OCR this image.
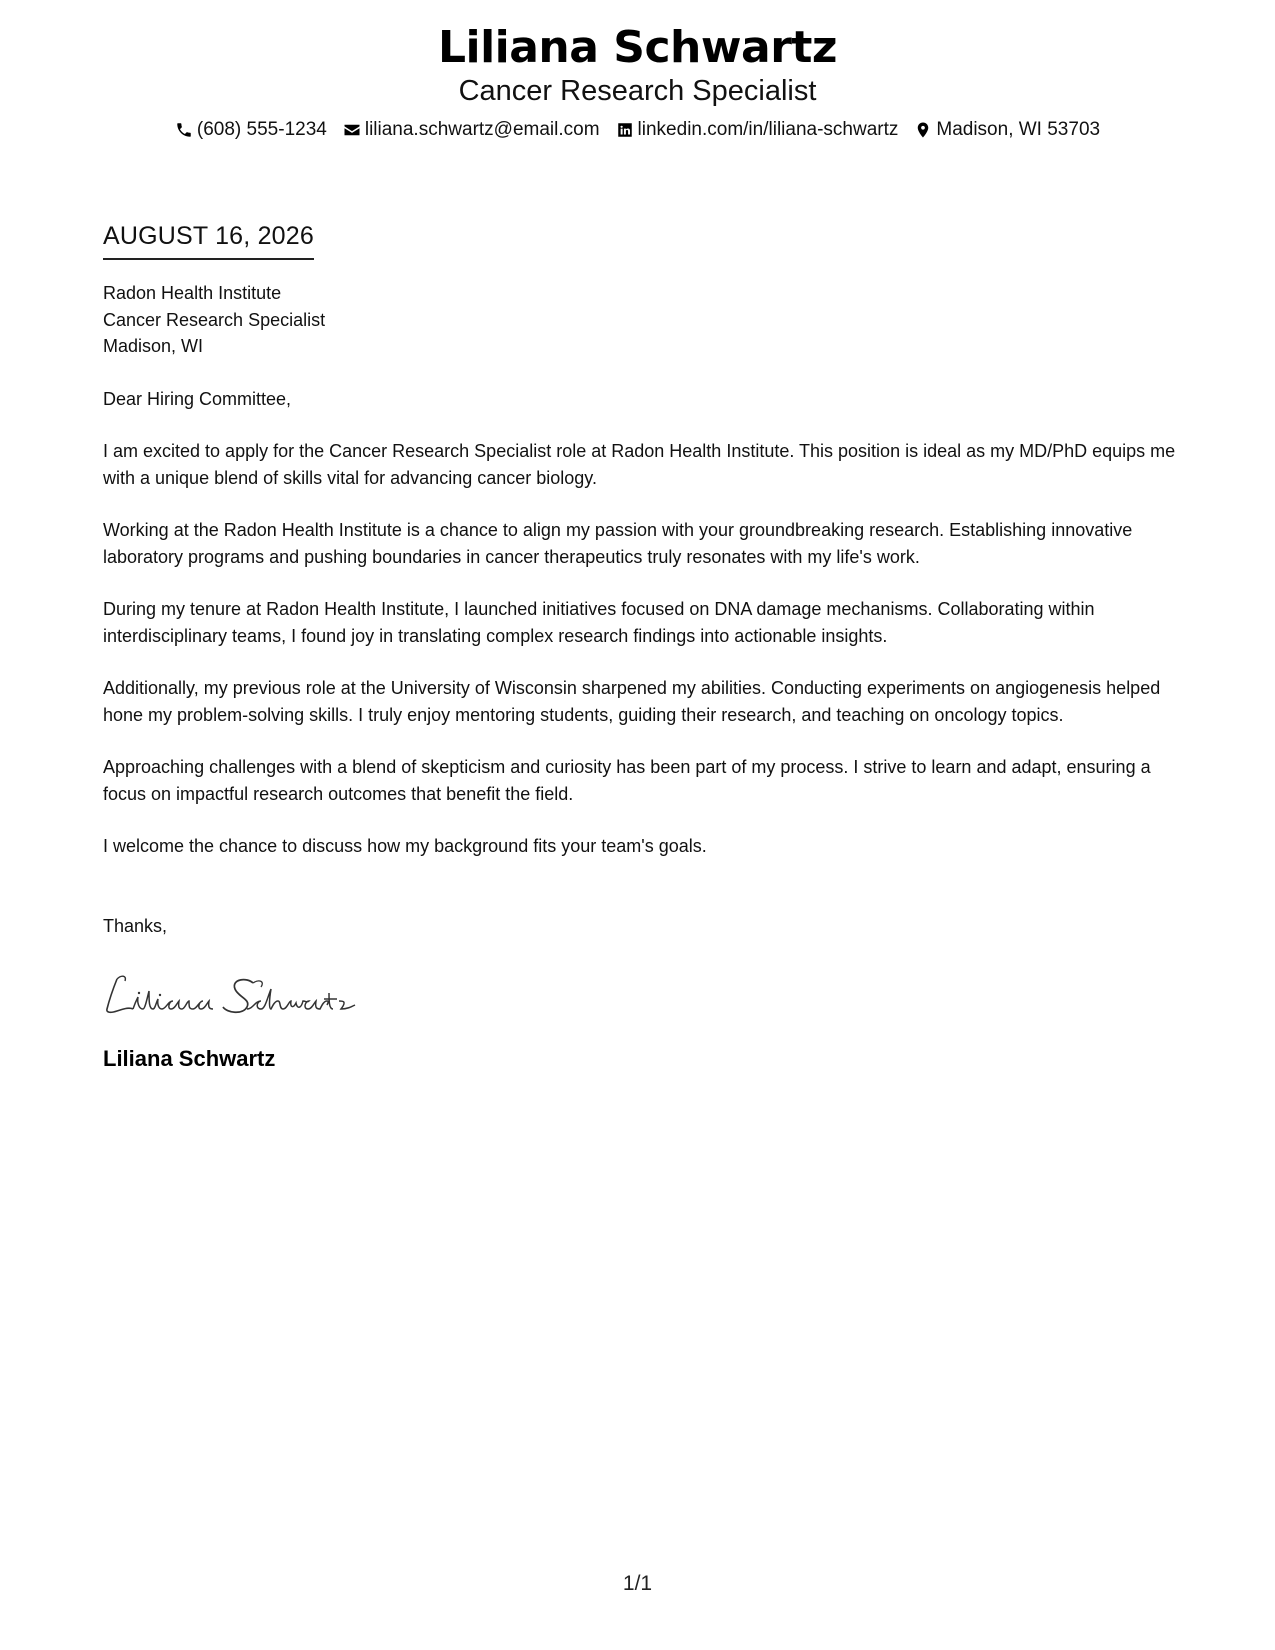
Liliana Schwartz
Cancer Research Specialist
(608) 555-1234 liliana.schwartz@email.com linkedin.com/in/liliana-schwartz Madison, WI 53703
AUGUST 16, 2026
Radon Health Institute
Cancer Research Specialist
Madison, WI
Dear Hiring Committee,

I am excited to apply for the Cancer Research Specialist role at Radon Health Institute. This position is ideal as my MD/PhD equips me with a unique blend of skills vital for advancing cancer biology.

Working at the Radon Health Institute is a chance to align my passion with your groundbreaking research. Establishing innovative laboratory programs and pushing boundaries in cancer therapeutics truly resonates with my life's work.

During my tenure at Radon Health Institute, I launched initiatives focused on DNA damage mechanisms. Collaborating within interdisciplinary teams, I found joy in translating complex research findings into actionable insights.

Additionally, my previous role at the University of Wisconsin sharpened my abilities. Conducting experiments on angiogenesis helped hone my problem-solving skills. I truly enjoy mentoring students, guiding their research, and teaching on oncology topics.

Approaching challenges with a blend of skepticism and curiosity has been part of my process. I strive to learn and adapt, ensuring a focus on impactful research outcomes that benefit the field.

I welcome the chance to discuss how my background fits your team's goals.

Thanks,
Liliana Schwartz
1/1
